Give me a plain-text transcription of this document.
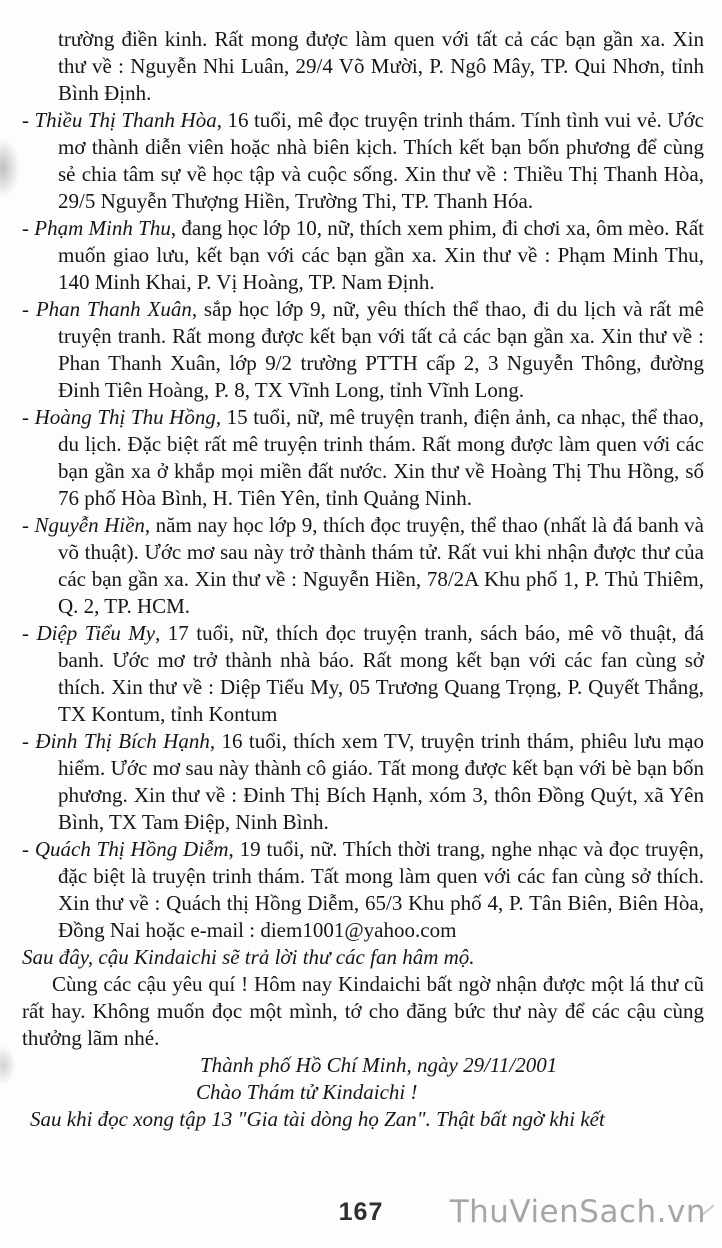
trường điền kinh. Rất mong được làm quen với tất cả các bạn gần xa. Xin thư về : Nguyễn Nhi Luân, 29/4 Võ Mười, P. Ngô Mây, TP. Qui Nhơn, tỉnh Bình Định.

- Thiều Thị Thanh Hòa, 16 tuổi, mê đọc truyện trinh thám. Tính tình vui vẻ. Ước mơ thành diễn viên hoặc nhà biên kịch. Thích kết bạn bốn phương để cùng sẻ chia tâm sự về học tập và cuộc sống. Xin thư về : Thiều Thị Thanh Hòa, 29/5 Nguyễn Thượng Hiền, Trường Thi, TP. Thanh Hóa.

- Phạm Minh Thu, đang học lớp 10, nữ, thích xem phim, đi chơi xa, ôm mèo. Rất muốn giao lưu, kết bạn với các bạn gần xa. Xin thư về : Phạm Minh Thu, 140 Minh Khai, P. Vị Hoàng, TP. Nam Định.

- Phan Thanh Xuân, sắp học lớp 9, nữ, yêu thích thể thao, đi du lịch và rất mê truyện tranh. Rất mong được kết bạn với tất cả các bạn gần xa. Xin thư về : Phan Thanh Xuân, lớp 9/2 trường PTTH cấp 2, 3 Nguyễn Thông, đường Đinh Tiên Hoàng, P. 8, TX Vĩnh Long, tỉnh Vĩnh Long.

- Hoàng Thị Thu Hồng, 15 tuổi, nữ, mê truyện tranh, điện ảnh, ca nhạc, thể thao, du lịch. Đặc biệt rất mê truyện trinh thám. Rất mong được làm quen với các bạn gần xa ở khắp mọi miền đất nước. Xin thư về Hoàng Thị Thu Hồng, số 76 phố Hòa Bình, H. Tiên Yên, tỉnh Quảng Ninh.

- Nguyễn Hiền, năm nay học lớp 9, thích đọc truyện, thể thao (nhất là đá banh và võ thuật). Ước mơ sau này trở thành thám tử. Rất vui khi nhận được thư của các bạn gần xa. Xin thư về : Nguyễn Hiền, 78/2A Khu phố 1, P. Thủ Thiêm, Q. 2, TP. HCM.

- Diệp Tiểu My, 17 tuổi, nữ, thích đọc truyện tranh, sách báo, mê võ thuật, đá banh. Ước mơ trở thành nhà báo. Rất mong kết bạn với các fan cùng sở thích. Xin thư về : Diệp Tiểu My, 05 Trương Quang Trọng, P. Quyết Thắng, TX Kontum, tỉnh Kontum

- Đinh Thị Bích Hạnh, 16 tuổi, thích xem TV, truyện trinh thám, phiêu lưu mạo hiểm. Ước mơ sau này thành cô giáo. Tất mong được kết bạn với bè bạn bốn phương. Xin thư về : Đinh Thị Bích Hạnh, xóm 3, thôn Đồng Quýt, xã Yên Bình, TX Tam Điệp, Ninh Bình.

- Quách Thị Hồng Diễm, 19 tuổi, nữ. Thích thời trang, nghe nhạc và đọc truyện, đặc biệt là truyện trinh thám. Tất mong làm quen với các fan cùng sở thích. Xin thư về : Quách thị Hồng Diễm, 65/3 Khu phố 4, P. Tân Biên, Biên Hòa, Đồng Nai hoặc e-mail : diem1001@yahoo.com

Sau đây, cậu Kindaichi sẽ trả lời thư các fan hâm mộ.

Cùng các cậu yêu quí ! Hôm nay Kindaichi bất ngờ nhận được một lá thư cũ rất hay. Không muốn đọc một mình, tớ cho đăng bức thư này để các cậu cùng thưởng lãm nhé.

Thành phố Hồ Chí Minh, ngày 29/11/2001

Chào Thám tử Kindaichi !

Sau khi đọc xong tập 13 "Gia tài dòng họ Zan". Thật bất ngờ khi kết

167 ThuVienSach.vn
